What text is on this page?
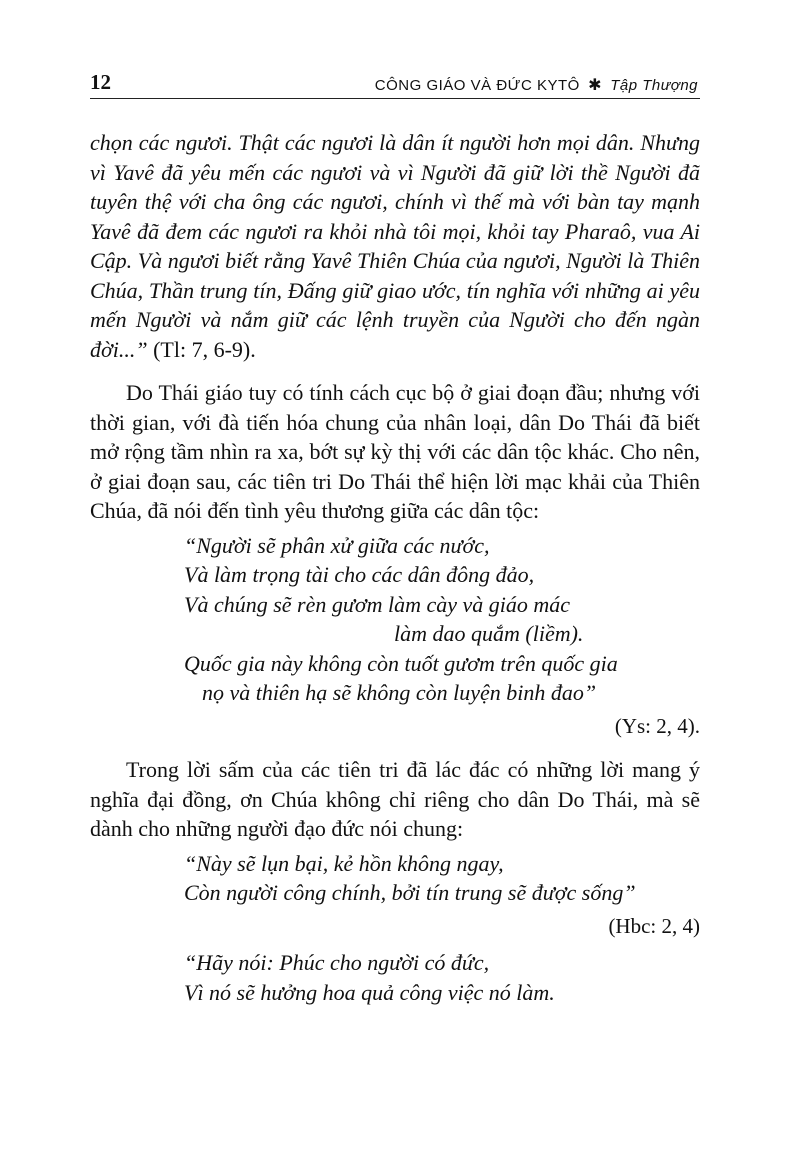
12	CÔNG GIÁO VÀ ĐỨC KYTÔ ✱ Tập Thượng

chọn các ngươi. Thật các ngươi là dân ít người hơn mọi dân. Nhưng vì Yavê đã yêu mến các ngươi và vì Người đã giữ lời thề Người đã tuyên thệ với cha ông các ngươi, chính vì thế mà với bàn tay mạnh Yavê đã đem các ngươi ra khỏi nhà tôi mọi, khỏi tay Pharaô, vua Ai Cập. Và ngươi biết rằng Yavê Thiên Chúa của ngươi, Người là Thiên Chúa, Thần trung tín, Đấng giữ giao ước, tín nghĩa với những ai yêu mến Người và nắm giữ các lệnh truyền của Người cho đến ngàn đời...” (Tl: 7, 6-9).

Do Thái giáo tuy có tính cách cục bộ ở giai đoạn đầu; nhưng với thời gian, với đà tiến hóa chung của nhân loại, dân Do Thái đã biết mở rộng tầm nhìn ra xa, bớt sự kỳ thị với các dân tộc khác. Cho nên, ở giai đoạn sau, các tiên tri Do Thái thể hiện lời mạc khải của Thiên Chúa, đã nói đến tình yêu thương giữa các dân tộc:

“Người sẽ phân xử giữa các nước,

Và làm trọng tài cho các dân đông đảo,

Và chúng sẽ rèn gươm làm cày và giáo mác

làm dao quắm (liềm).

Quốc gia này không còn tuốt gươm trên quốc gia

nọ và thiên hạ sẽ không còn luyện binh đao”

(Ys: 2, 4).

Trong lời sấm của các tiên tri đã lác đác có những lời mang ý nghĩa đại đồng, ơn Chúa không chỉ riêng cho dân Do Thái, mà sẽ dành cho những người đạo đức nói chung:

“Này sẽ lụn bại, kẻ hồn không ngay,

Còn người công chính, bởi tín trung sẽ được sống”

(Hbc: 2, 4)

“Hãy nói: Phúc cho người có đức,

Vì nó sẽ hưởng hoa quả công việc nó làm.
